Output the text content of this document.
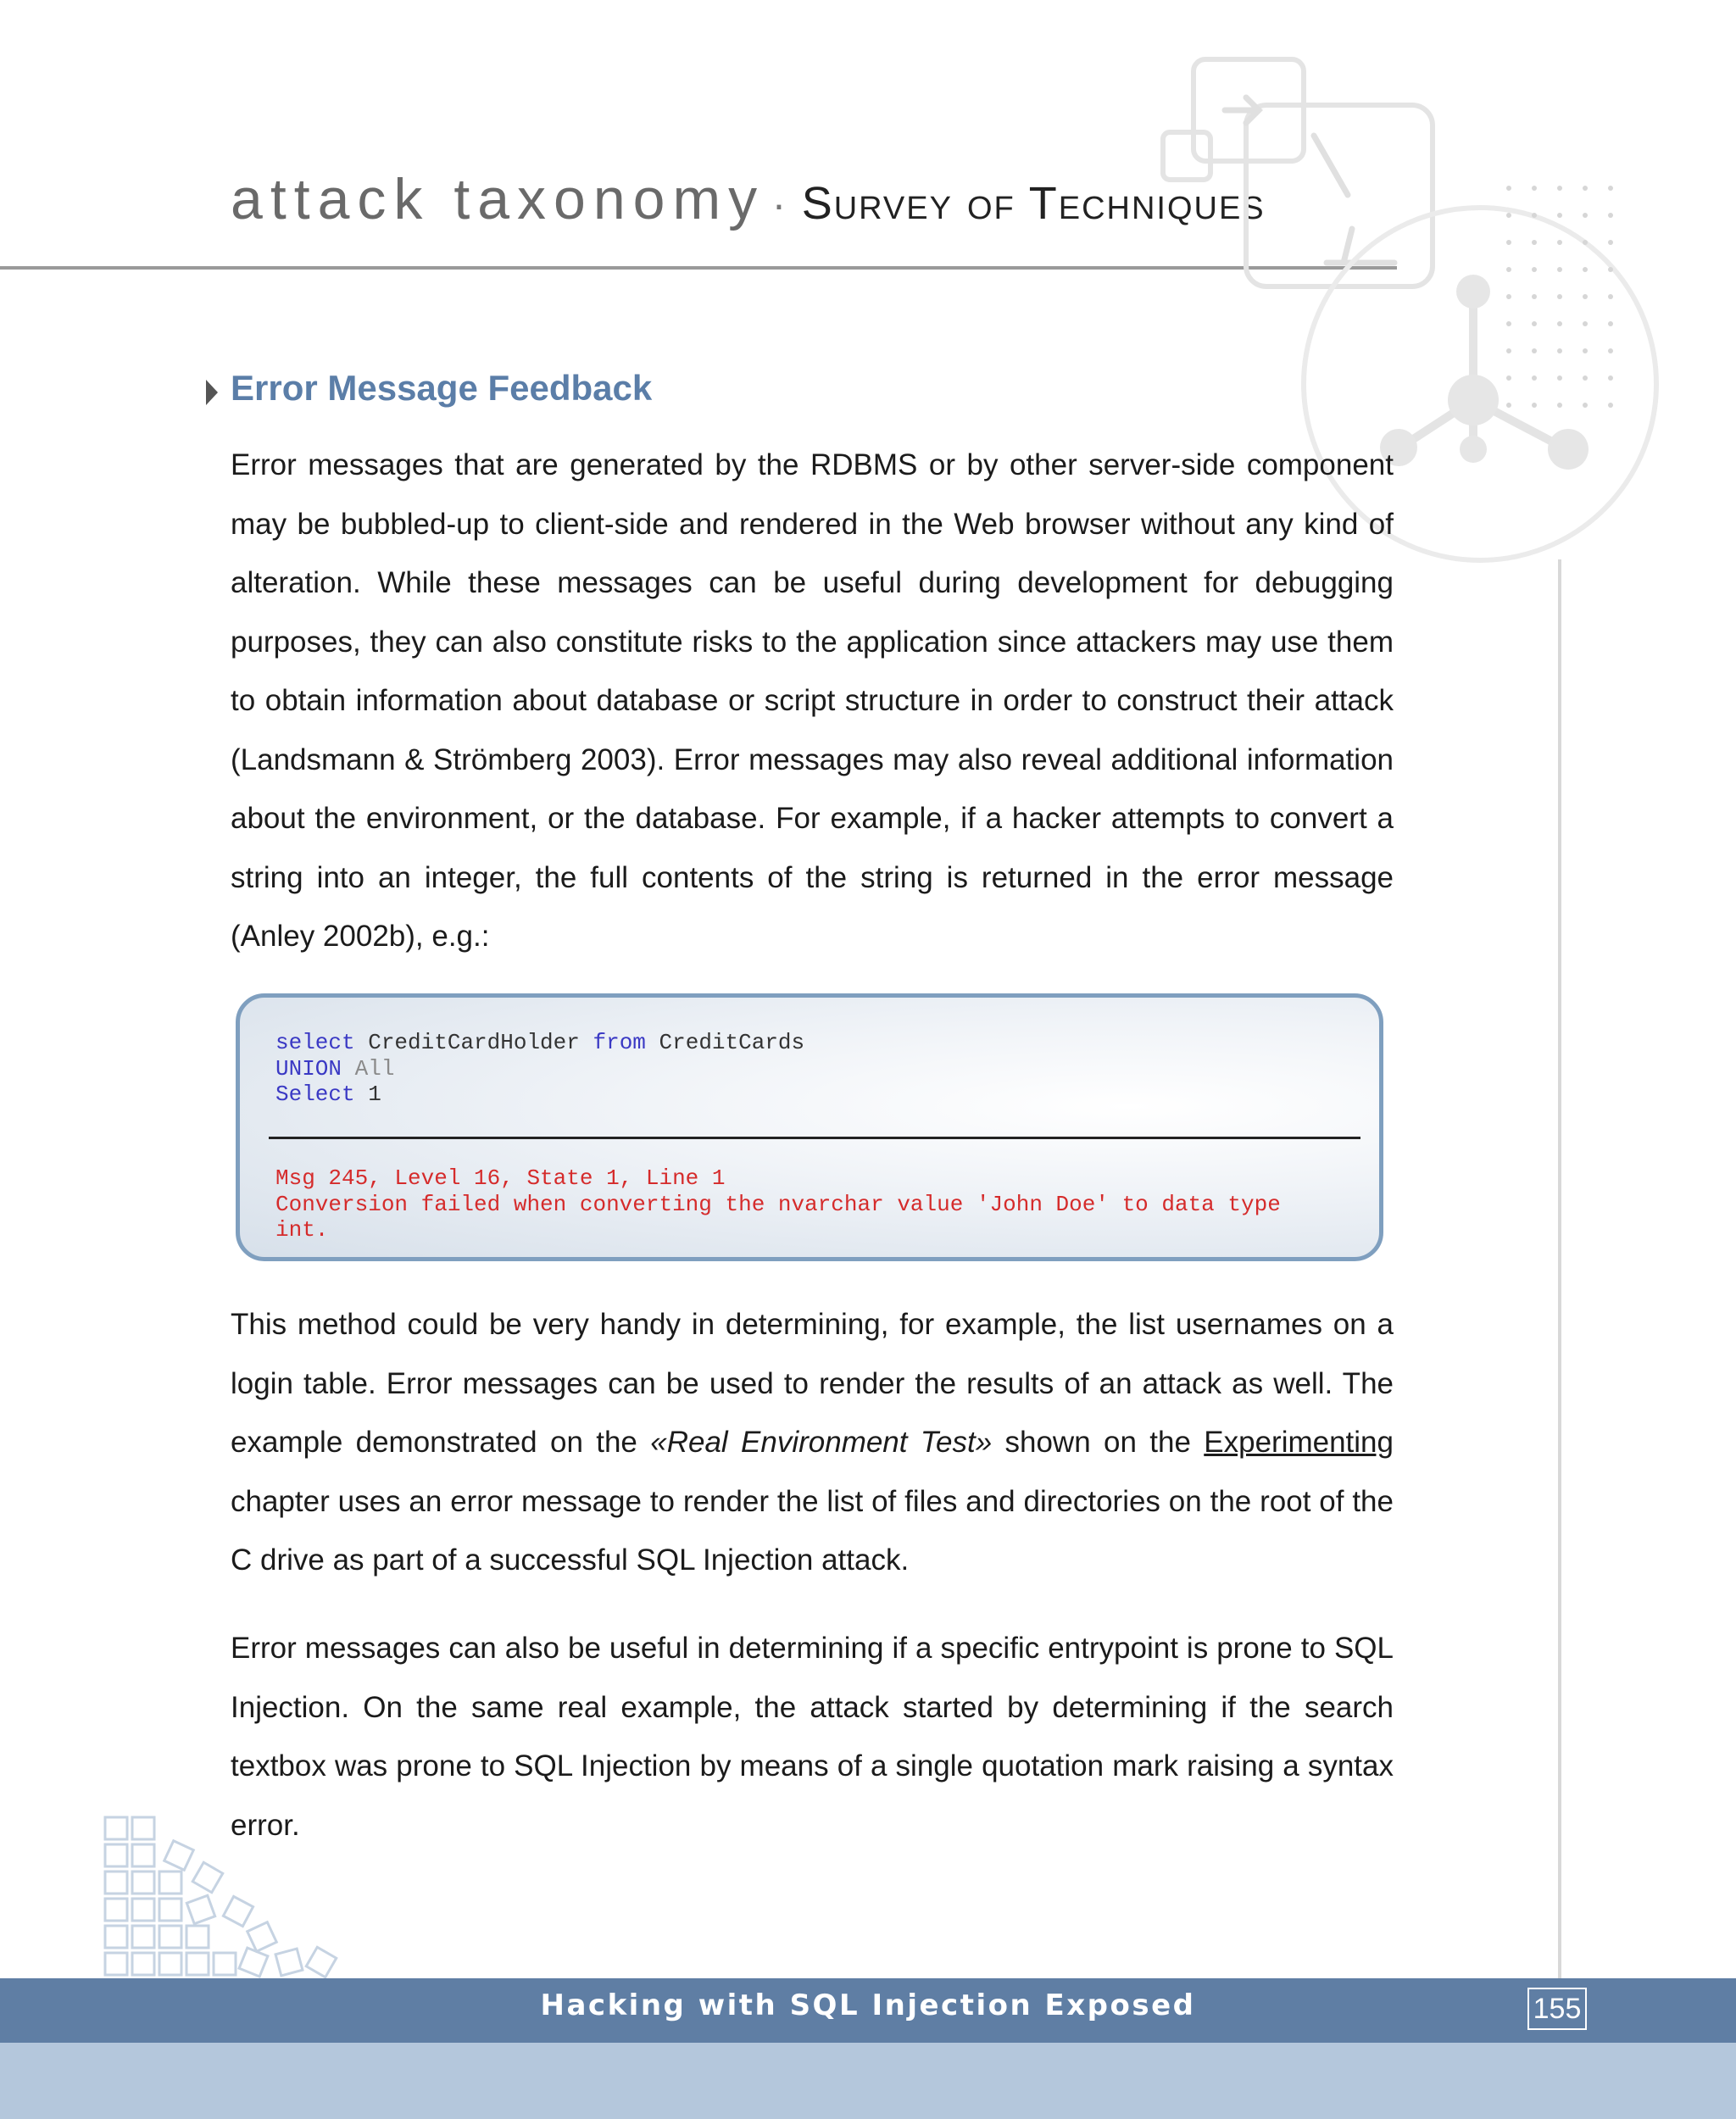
attack taxonomy · Survey of Techniques
Error Message Feedback

Error messages that are generated by the RDBMS or by other server-side component may be bubbled-up to client-side and rendered in the Web browser without any kind of alteration. While these messages can be useful during development for debugging purposes, they can also constitute risks to the application since attackers may use them to obtain information about database or script structure in order to construct their attack (Landsmann & Strömberg 2003). Error messages may also reveal additional information about the environment, or the database. For example, if a hacker attempts to convert a string into an integer, the full contents of the string is returned in the error message (Anley 2002b), e.g.:

select CreditCardHolder from CreditCards
UNION All
Select 1
Msg 245, Level 16, State 1, Line 1
Conversion failed when converting the nvarchar value 'John Doe' to data type
int.

This method could be very handy in determining, for example, the list usernames on a login table. Error messages can be used to render the results of an attack as well. The example demonstrated on the «Real Environment Test» shown on the Experimenting chapter uses an error message to render the list of files and directories on the root of the C drive as part of a successful SQL Injection attack.

Error messages can also be useful in determining if a specific entrypoint is prone to SQL Injection. On the same real example, the attack started by determining if the search textbox was prone to SQL Injection by means of a single quotation mark raising a syntax error.

Hacking with SQL Injection Exposed	155
